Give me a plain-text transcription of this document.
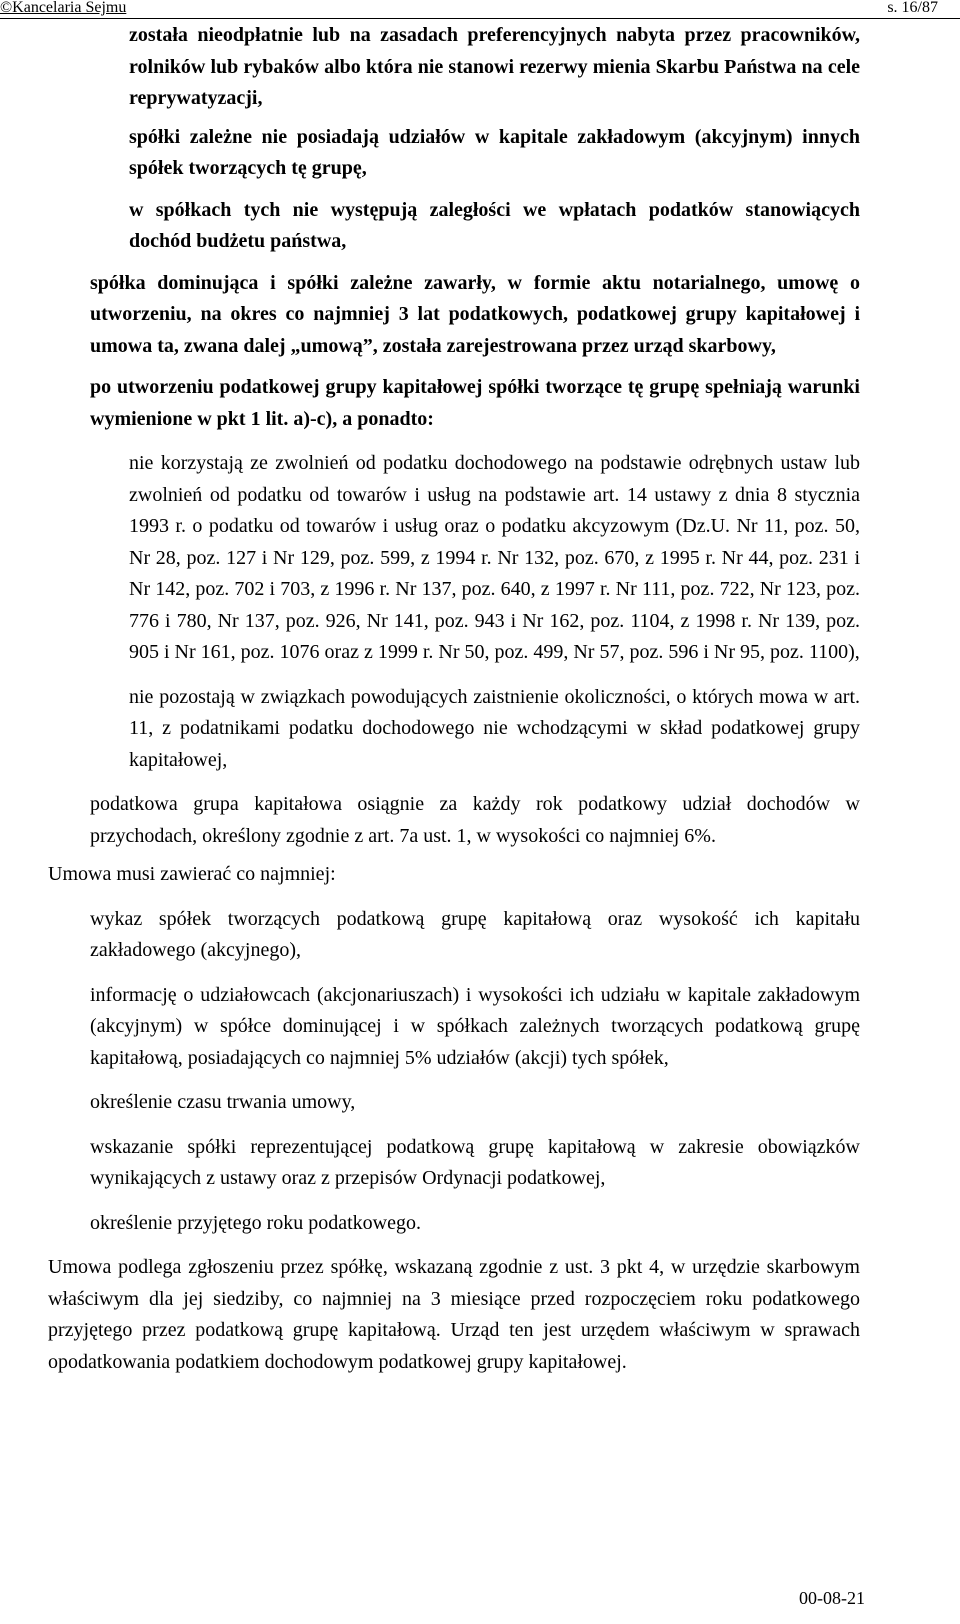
©Kancelaria Sejmu	s. 16/87
została nieodpłatnie lub na zasadach preferencyjnych nabyta przez pracowników, rolników lub rybaków albo która nie stanowi rezerwy mienia Skarbu Państwa na cele reprywatyzacji,
spółki zależne nie posiadają udziałów w kapitale zakładowym (akcyjnym) innych spółek tworzących tę grupę,
w spółkach tych nie występują zaległości we wpłatach podatków stanowiących dochód budżetu państwa,
spółka dominująca i spółki zależne zawarły, w formie aktu notarialnego, umowę o utworzeniu, na okres co najmniej 3 lat podatkowych, podatkowej grupy kapitałowej i umowa ta, zwana dalej „umową”, została zarejestrowana przez urząd skarbowy,
po utworzeniu podatkowej grupy kapitałowej spółki tworzące tę grupę spełniają warunki wymienione w pkt 1 lit. a)-c), a ponadto:
nie korzystają ze zwolnień od podatku dochodowego na podstawie odrębnych ustaw lub zwolnień od podatku od towarów i usług na podstawie art. 14 ustawy z dnia 8 stycznia 1993 r. o podatku od towarów i usług oraz o podatku akcyzowym (Dz.U. Nr 11, poz. 50, Nr 28, poz. 127 i Nr 129, poz. 599, z 1994 r. Nr 132, poz. 670, z 1995 r. Nr 44, poz. 231 i Nr 142, poz. 702 i 703, z 1996 r. Nr 137, poz. 640, z 1997 r. Nr 111, poz. 722, Nr 123, poz. 776 i 780, Nr 137, poz. 926, Nr 141, poz. 943 i Nr 162, poz. 1104, z 1998 r. Nr 139, poz. 905 i Nr 161, poz. 1076 oraz z 1999 r. Nr 50, poz. 499, Nr 57, poz. 596 i Nr 95, poz. 1100),
nie pozostają w związkach powodujących zaistnienie okoliczności, o których mowa w art. 11, z podatnikami podatku dochodowego nie wchodzącymi w skład podatkowej grupy kapitałowej,
podatkowa grupa kapitałowa osiągnie za każdy rok podatkowy udział dochodów w przychodach, określony zgodnie z art. 7a ust. 1, w wysokości co najmniej 6%.
Umowa musi zawierać co najmniej:
wykaz spółek tworzących podatkową grupę kapitałową oraz wysokość ich kapitału zakładowego (akcyjnego),
informację o udziałowcach (akcjonariuszach) i wysokości ich udziału w kapitale zakładowym (akcyjnym) w spółce dominującej i w spółkach zależnych tworzących podatkową grupę kapitałową, posiadających co najmniej 5% udziałów (akcji) tych spółek,
określenie czasu trwania umowy,
wskazanie spółki reprezentującej podatkową grupę kapitałową w zakresie obowiązków wynikających z ustawy oraz z przepisów Ordynacji podatkowej,
określenie przyjętego roku podatkowego.
Umowa podlega zgłoszeniu przez spółkę, wskazaną zgodnie z ust. 3 pkt 4, w urzędzie skarbowym właściwym dla jej siedziby, co najmniej na 3 miesiące przed rozpoczęciem roku podatkowego przyjętego przez podatkową grupę kapitałową. Urząd ten jest urzędem właściwym w sprawach opodatkowania podatkiem dochodowym podatkowej grupy kapitałowej.
00-08-21
